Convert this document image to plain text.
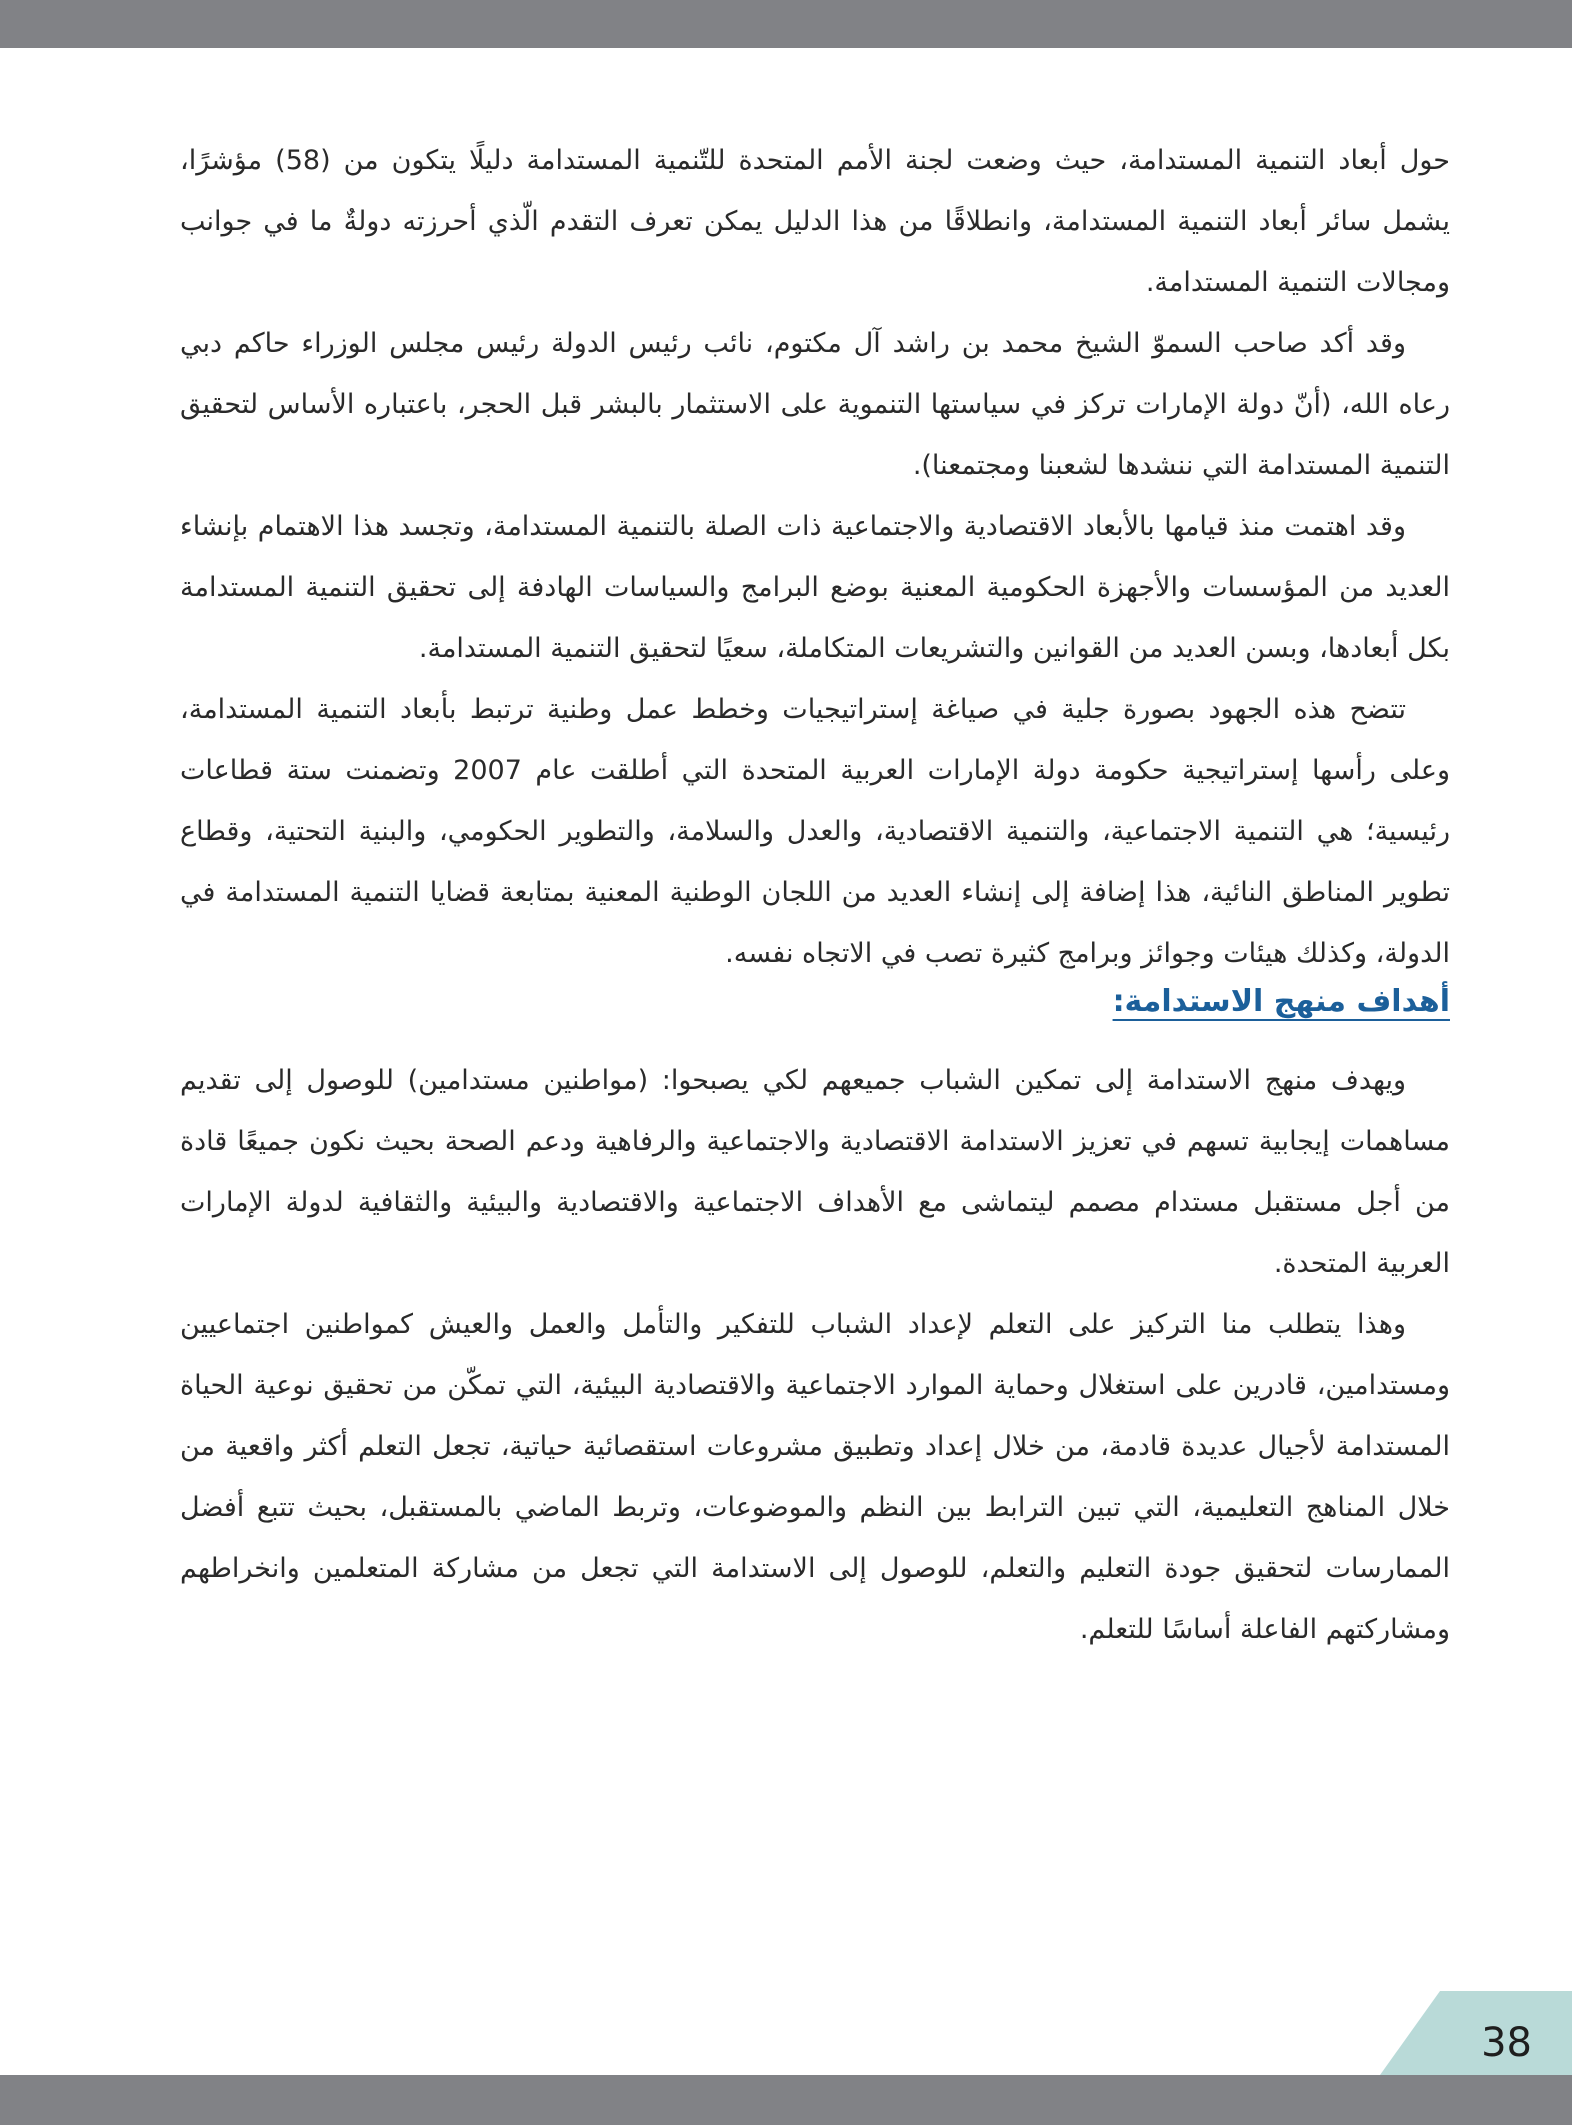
حول أبعاد التنمية المستدامة، حيث وضعت لجنة الأمم المتحدة للتّنمية المستدامة دليلًا يتكون من (58) مؤشرًا، يشمل سائر أبعاد التنمية المستدامة، وانطلاقًا من هذا الدليل يمكن تعرف التقدم الّذي أحرزته دولةٌ ما في جوانب ومجالات التنمية المستدامة.

وقد أكد صاحب السموّ الشيخ محمد بن راشد آل مكتوم، نائب رئيس الدولة رئيس مجلس الوزراء حاكم دبي رعاه الله، (أنّ دولة الإمارات تركز في سياستها التنموية على الاستثمار بالبشر قبل الحجر، باعتباره الأساس لتحقيق التنمية المستدامة التي ننشدها لشعبنا ومجتمعنا).

وقد اهتمت منذ قيامها بالأبعاد الاقتصادية والاجتماعية ذات الصلة بالتنمية المستدامة، وتجسد هذا الاهتمام بإنشاء العديد من المؤسسات والأجهزة الحكومية المعنية بوضع البرامج والسياسات الهادفة إلى تحقيق التنمية المستدامة بكل أبعادها، وبسن العديد من القوانين والتشريعات المتكاملة، سعيًا لتحقيق التنمية المستدامة.

تتضح هذه الجهود بصورة جلية في صياغة إستراتيجيات وخطط عمل وطنية ترتبط بأبعاد التنمية المستدامة، وعلى رأسها إستراتيجية حكومة دولة الإمارات العربية المتحدة التي أطلقت عام 2007 وتضمنت ستة قطاعات رئيسية؛ هي التنمية الاجتماعية، والتنمية الاقتصادية، والعدل والسلامة، والتطوير الحكومي، والبنية التحتية، وقطاع تطوير المناطق النائية، هذا إضافة إلى إنشاء العديد من اللجان الوطنية المعنية بمتابعة قضايا التنمية المستدامة في الدولة، وكذلك هيئات وجوائز وبرامج كثيرة تصب في الاتجاه نفسه.

أهداف منهج الاستدامة:

ويهدف منهج الاستدامة إلى تمكين الشباب جميعهم لكي يصبحوا: (مواطنين مستدامين) للوصول إلى تقديم مساهمات إيجابية تسهم في تعزيز الاستدامة الاقتصادية والاجتماعية والرفاهية ودعم الصحة بحيث نكون جميعًا قادة من أجل مستقبل مستدام مصمم ليتماشى مع الأهداف الاجتماعية والاقتصادية والبيئية والثقافية لدولة الإمارات العربية المتحدة.

وهذا يتطلب منا التركيز على التعلم لإعداد الشباب للتفكير والتأمل والعمل والعيش كمواطنين اجتماعيين ومستدامين، قادرين على استغلال وحماية الموارد الاجتماعية والاقتصادية البيئية، التي تمكّن من تحقيق نوعية الحياة المستدامة لأجيال عديدة قادمة، من خلال إعداد وتطبيق مشروعات استقصائية حياتية، تجعل التعلم أكثر واقعية من خلال المناهج التعليمية، التي تبين الترابط بين النظم والموضوعات، وتربط الماضي بالمستقبل، بحيث تتبع أفضل الممارسات لتحقيق جودة التعليم والتعلم، للوصول إلى الاستدامة التي تجعل من مشاركة المتعلمين وانخراطهم ومشاركتهم الفاعلة أساسًا للتعلم.

38
